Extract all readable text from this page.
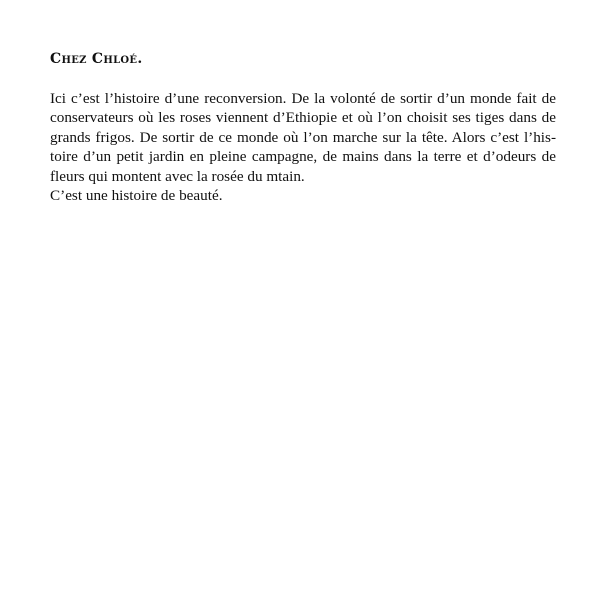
Chez Chloé.
Ici c’est l’histoire d’une reconversion. De la volonté de sortir d’un monde fait de
conservateurs où les roses viennent d’Ethiopie et où l’on choisit ses tiges dans de
grands frigos. De sortir de ce monde où l’on marche sur la tête. Alors c’est l’his-
toire d’un petit jardin en pleine campagne, de mains dans la terre et d’odeurs de
fleurs qui montent avec la rosée du mtain.
C’est une histoire de beauté.
